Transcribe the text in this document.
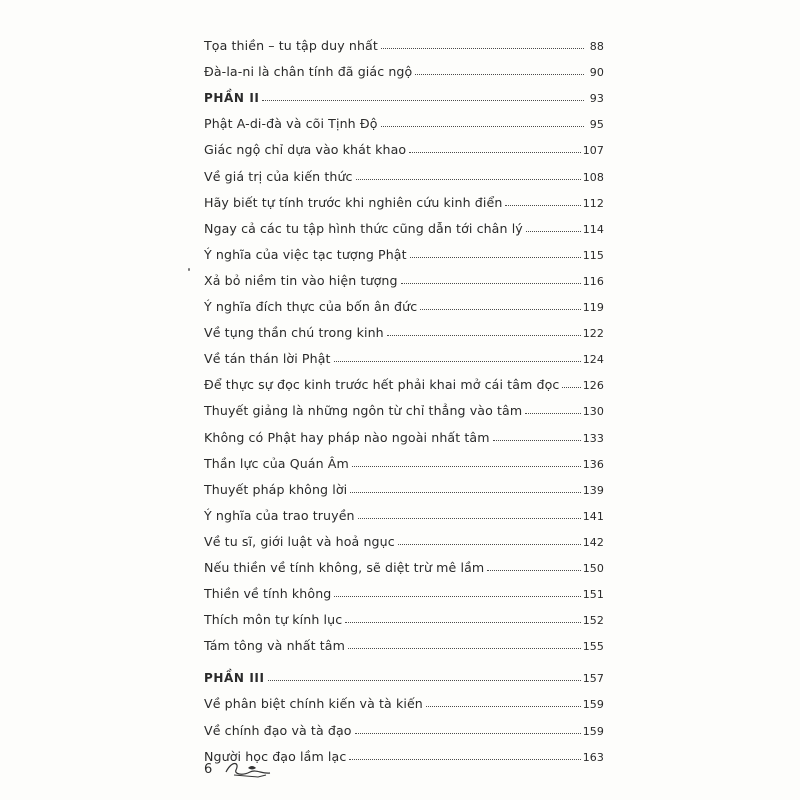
Tọa thiền – tu tập duy nhất	88
Đà-la-ni là chân tính đã giác ngộ	90
PHẦN II	93
Phật A-di-đà và cõi Tịnh Độ	95
Giác ngộ chỉ dựa vào khát khao	107
Về giá trị của kiến thức	108
Hãy biết tự tính trước khi nghiên cứu kinh điển	112
Ngay cả các tu tập hình thức cũng dẫn tới chân lý	114
Ý nghĩa của việc tạc tượng Phật	115
Xả bỏ niềm tin vào hiện tượng	116
Ý nghĩa đích thực của bốn ân đức	119
Về tụng thần chú trong kinh	122
Về tán thán lời Phật	124
Để thực sự đọc kinh trước hết phải khai mở cái tâm đọc 126
Thuyết giảng là những ngôn từ chỉ thẳng vào tâm	130
Không có Phật hay pháp nào ngoài nhất tâm	133
Thần lực của Quán Âm	136
Thuyết pháp không lời	139
Ý nghĩa của trao truyền	141
Về tu sĩ, giới luật và hoả ngục	142
Nếu thiền về tính không, sẽ diệt trừ mê lầm	150
Thiền về tính không	151
Thích môn tự kính lục	152
Tám tông và nhất tâm	155
PHẦN III	157
Về phân biệt chính kiến và tà kiến	159
Về chính đạo và tà đạo	159
Người học đạo lầm lạc	163
6
